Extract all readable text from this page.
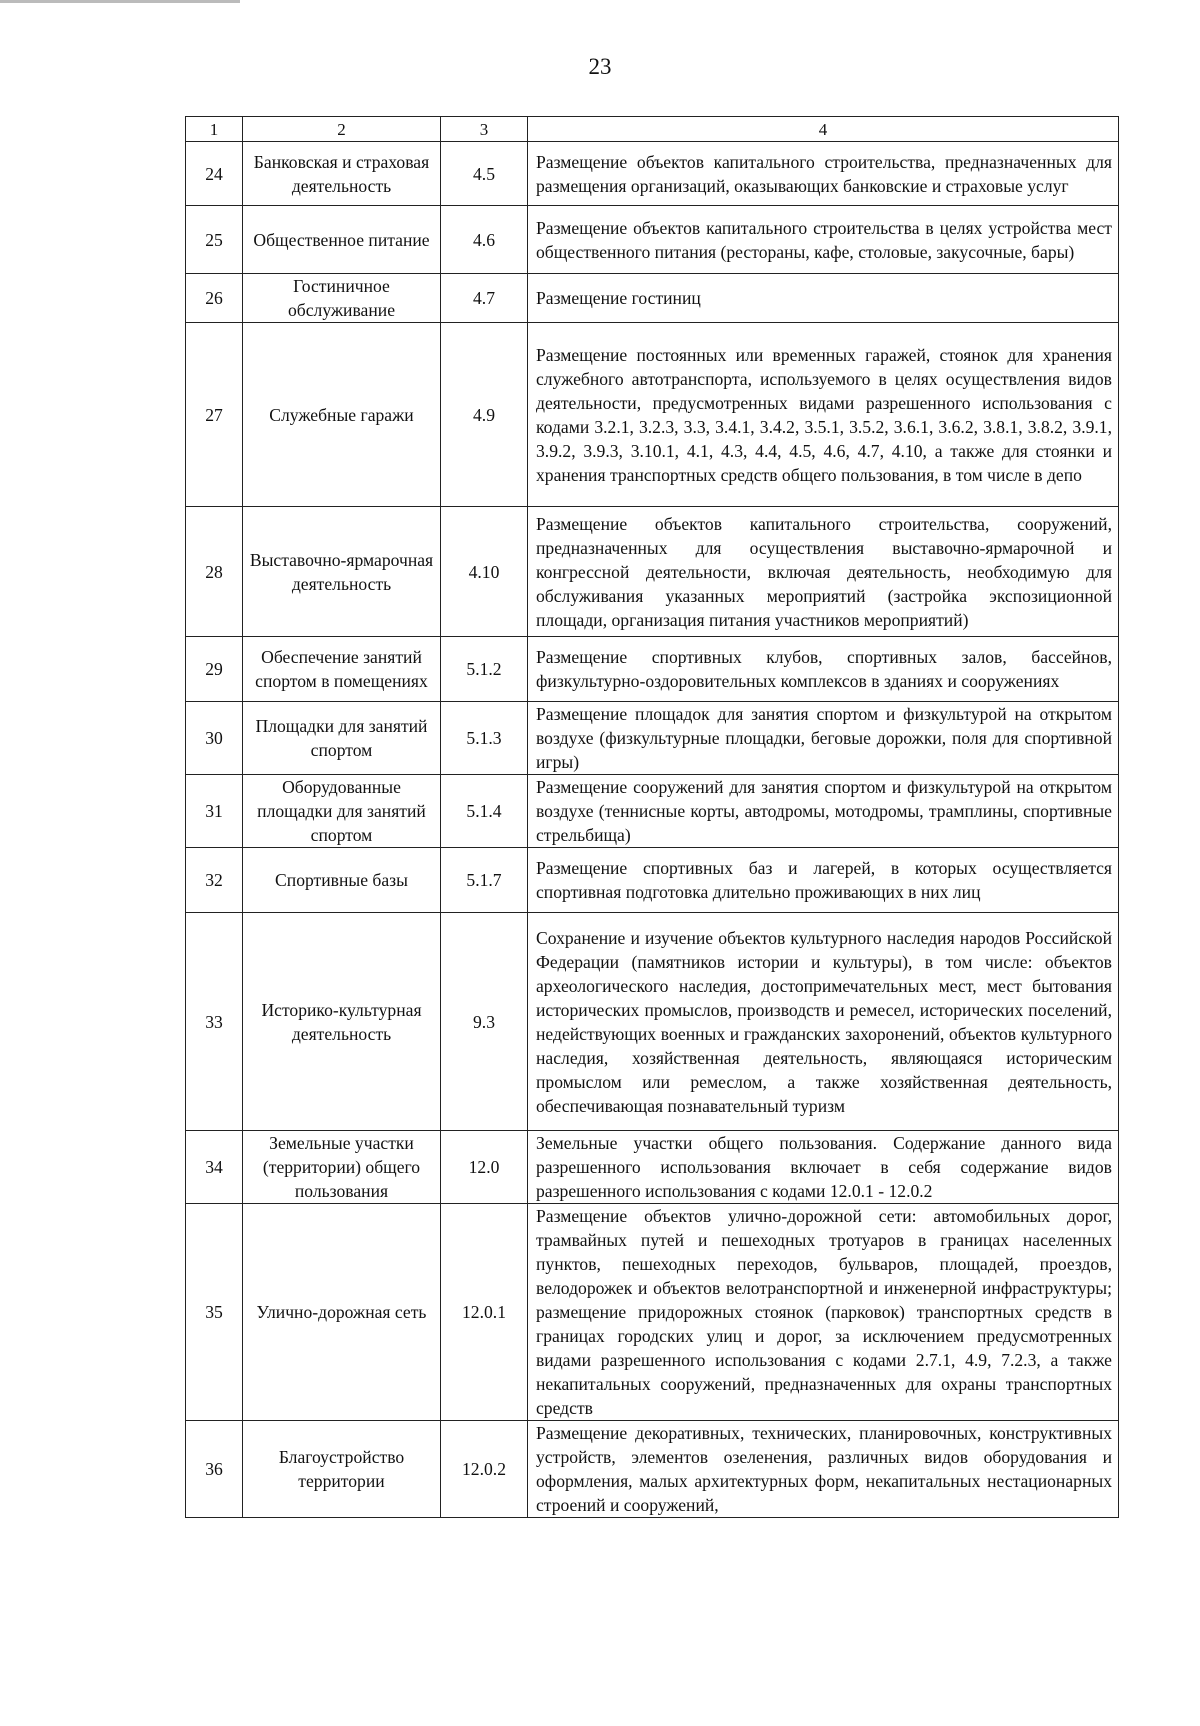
23
1	2	3	4
24	Банковская и страховая деятельность	4.5	Размещение объектов капитального строительства, предназначенных для размещения организаций, оказывающих банковские и страховые услуг
25	Общественное питание	4.6	Размещение объектов капитального строительства в целях устройства мест общественного питания (рестораны, кафе, столовые, закусочные, бары)
26	Гостиничное обслуживание	4.7	Размещение гостиниц
27	Служебные гаражи	4.9	Размещение постоянных или временных гаражей, стоянок для хранения служебного автотранспорта, используемого в целях осуществления видов деятельности, предусмотренных видами разрешенного использования с кодами 3.2.1, 3.2.3, 3.3, 3.4.1, 3.4.2, 3.5.1, 3.5.2, 3.6.1, 3.6.2, 3.8.1, 3.8.2, 3.9.1, 3.9.2, 3.9.3, 3.10.1, 4.1, 4.3, 4.4, 4.5, 4.6, 4.7, 4.10, а также для стоянки и хранения транспортных средств общего пользования, в том числе в депо
28	Выставочно-ярмарочная деятельность	4.10	Размещение объектов капитального строительства, сооружений, предназначенных для осуществления выставочно-ярмарочной и конгрессной деятельности, включая деятельность, необходимую для обслуживания указанных мероприятий (застройка экспозиционной площади, организация питания участников мероприятий)
29	Обеспечение занятий спортом в помещениях	5.1.2	Размещение спортивных клубов, спортивных залов, бассейнов, физкультурно-оздоровительных комплексов в зданиях и сооружениях
30	Площадки для занятий спортом	5.1.3	Размещение площадок для занятия спортом и физкультурой на открытом воздухе (физкультурные площадки, беговые дорожки, поля для спортивной игры)
31	Оборудованные площадки для занятий спортом	5.1.4	Размещение сооружений для занятия спортом и физкультурой на открытом воздухе (теннисные корты, автодромы, мотодромы, трамплины, спортивные стрельбища)
32	Спортивные базы	5.1.7	Размещение спортивных баз и лагерей, в которых осуществляется спортивная подготовка длительно проживающих в них лиц
33	Историко-культурная деятельность	9.3	Сохранение и изучение объектов культурного наследия народов Российской Федерации (памятников истории и культуры), в том числе: объектов археологического наследия, достопримечательных мест, мест бытования исторических промыслов, производств и ремесел, исторических поселений, недействующих военных и гражданских захоронений, объектов культурного наследия, хозяйственная деятельность, являющаяся историческим промыслом или ремеслом, а также хозяйственная деятельность, обеспечивающая познавательный туризм
34	Земельные участки (территории) общего пользования	12.0	Земельные участки общего пользования. Содержание данного вида разрешенного использования включает в себя содержание видов разрешенного использования с кодами 12.0.1 - 12.0.2
35	Улично-дорожная сеть	12.0.1	Размещение объектов улично-дорожной сети: автомобильных дорог, трамвайных путей и пешеходных тротуаров в границах населенных пунктов, пешеходных переходов, бульваров, площадей, проездов, велодорожек и объектов велотранспортной и инженерной инфраструктуры; размещение придорожных стоянок (парковок) транспортных средств в границах городских улиц и дорог, за исключением предусмотренных видами разрешенного использования с кодами 2.7.1, 4.9, 7.2.3, а также некапитальных сооружений, предназначенных для охраны транспортных средств
36	Благоустройство территории	12.0.2	Размещение декоративных, технических, планировочных, конструктивных устройств, элементов озеленения, различных видов оборудования и оформления, малых архитектурных форм, некапитальных нестационарных строений и сооружений,
